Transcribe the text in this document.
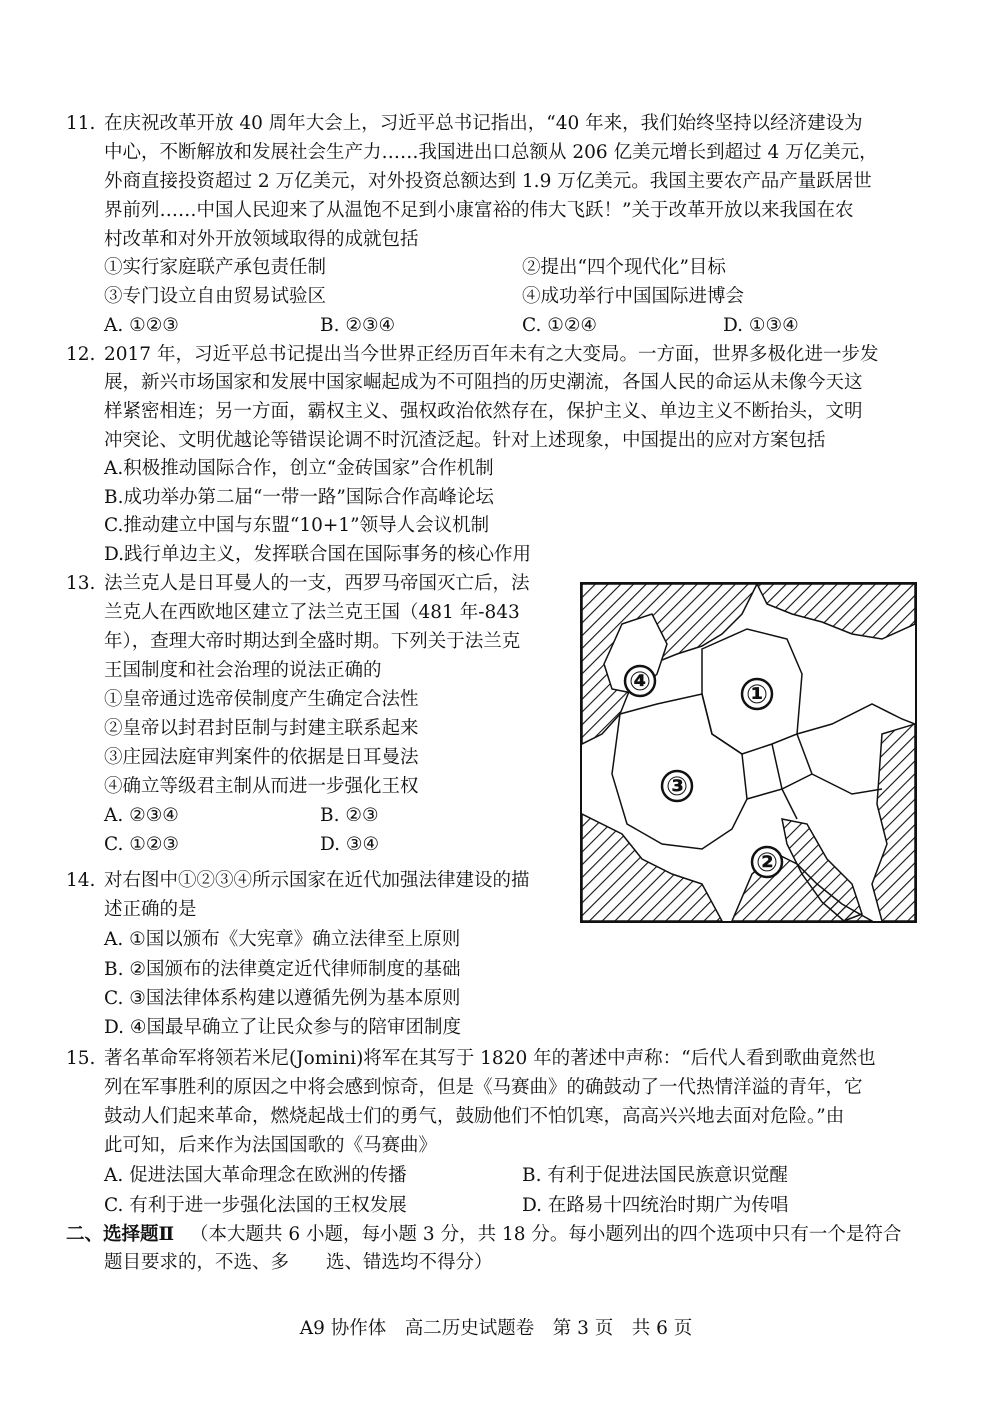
11. 在庆祝改革开放 40 周年大会上，习近平总书记指出，“40 年来，我们始终坚持以经济建设为
中心，不断解放和发展社会生产力……我国进出口总额从 206 亿美元增长到超过 4 万亿美元，
外商直接投资超过 2 万亿美元，对外投资总额达到 1.9 万亿美元。我国主要农产品产量跃居世
界前列……中国人民迎来了从温饱不足到小康富裕的伟大飞跃！”关于改革开放以来我国在农
村改革和对外开放领域取得的成就包括
①实行家庭联产承包责任制	②提出“四个现代化”目标
③专门设立自由贸易试验区	④成功举行中国国际进博会
A. ①②③	B. ②③④	C. ①②④	D. ①③④
12. 2017 年，习近平总书记提出当今世界正经历百年未有之大变局。一方面，世界多极化进一步发
展，新兴市场国家和发展中国家崛起成为不可阻挡的历史潮流，各国人民的命运从未像今天这
样紧密相连；另一方面，霸权主义、强权政治依然存在，保护主义、单边主义不断抬头，文明
冲突论、文明优越论等错误论调不时沉渣泛起。针对上述现象，中国提出的应对方案包括
A.积极推动国际合作，创立“金砖国家”合作机制
B.成功举办第二届“一带一路”国际合作高峰论坛
C.推动建立中国与东盟“10+1”领导人会议机制
D.践行单边主义，发挥联合国在国际事务的核心作用
13. 法兰克人是日耳曼人的一支，西罗马帝国灭亡后，法
兰克人在西欧地区建立了法兰克王国（481 年-843
年），查理大帝时期达到全盛时期。下列关于法兰克
王国制度和社会治理的说法正确的
①皇帝通过选帝侯制度产生确定合法性
②皇帝以封君封臣制与封建主联系起来
③庄园法庭审判案件的依据是日耳曼法
④确立等级君主制从而进一步强化王权
A. ②③④	B. ②③
C. ①②③	D. ③④
④	①
③
②
14. 对右图中①②③④所示国家在近代加强法律建设的描
述正确的是
A. ①国以颁布《大宪章》确立法律至上原则
B. ②国颁布的法律奠定近代律师制度的基础
C. ③国法律体系构建以遵循先例为基本原则
D. ④国最早确立了让民众参与的陪审团制度
15. 著名革命军将领若米尼(Jomini)将军在其写于 1820 年的著述中声称：“后代人看到歌曲竟然也
列在军事胜利的原因之中将会感到惊奇，但是《马赛曲》的确鼓动了一代热情洋溢的青年，它
鼓动人们起来革命，燃烧起战士们的勇气，鼓励他们不怕饥寒，高高兴兴地去面对危险。”由
此可知，后来作为法国国歌的《马赛曲》
A. 促进法国大革命理念在欧洲的传播	B. 有利于促进法国民族意识觉醒
C. 有利于进一步强化法国的王权发展	D. 在路易十四统治时期广为传唱
二、选择题Ⅱ （本大题共 6 小题，每小题 3 分，共 18 分。每小题列出的四个选项中只有一个是符合
题目要求的，不选、多　　选、错选均不得分）
A9 协作体　高二历史试题卷　第 3 页　共 6 页
